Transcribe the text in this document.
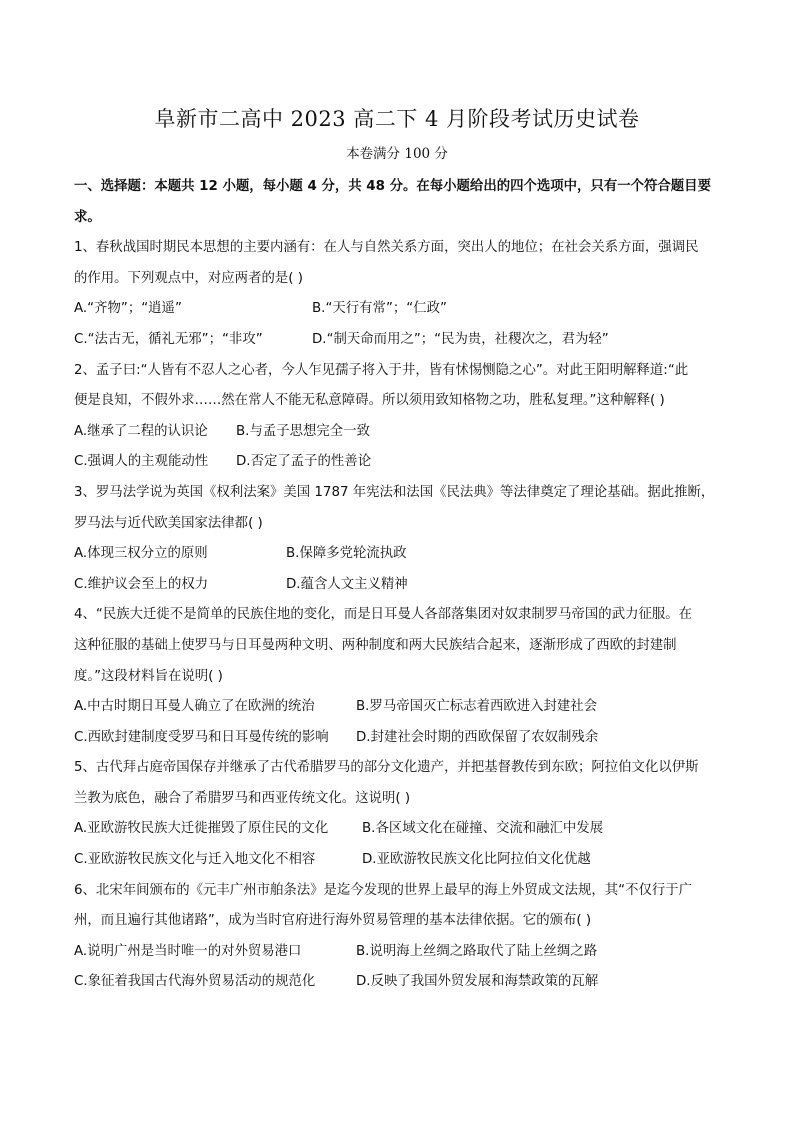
阜新市二高中 2023 高二下 4 月阶段考试历史试卷
本卷满分 100 分
一、选择题：本题共 12 小题，每小题 4 分，共 48 分。在每小题给出的四个选项中，只有一个符合题目要
求。
1、春秋战国时期民本思想的主要内涵有：在人与自然关系方面，突出人的地位；在社会关系方面，强调民
的作用。下列观点中，对应两者的是( )
A.“齐物”；“逍遥”	B.“天行有常”；“仁政”
C.“法古无，循礼无邪”；“非攻”	D.“制天命而用之”；“民为贵，社稷次之，君为轻”
2、孟子曰:“人皆有不忍人之心者，今人乍见孺子将入于井，皆有怵惕恻隐之心”。对此王阳明解释道:“此
便是良知，不假外求……然在常人不能无私意障碍。所以须用致知格物之功，胜私复理。”这种解释( )
A.继承了二程的认识论	B.与孟子思想完全一致
C.强调人的主观能动性	D.否定了孟子的性善论
3、罗马法学说为英国《权利法案》美国 1787 年宪法和法国《民法典》等法律奠定了理论基础。据此推断，
罗马法与近代欧美国家法律都( )
A.体现三权分立的原则	B.保障多党轮流执政
C.维护议会至上的权力	D.蕴含人文主义精神
4、“民族大迁徙不是简单的民族住地的变化，而是日耳曼人各部落集团对奴隶制罗马帝国的武力征服。在
这种征服的基础上使罗马与日耳曼两种文明、两种制度和两大民族结合起来，逐渐形成了西欧的封建制
度。”这段材料旨在说明( )
A.中古时期日耳曼人确立了在欧洲的统治	B.罗马帝国灭亡标志着西欧进入封建社会
C.西欧封建制度受罗马和日耳曼传统的影响	D.封建社会时期的西欧保留了农奴制残余
5、古代拜占庭帝国保存并继承了古代希腊罗马的部分文化遗产，并把基督教传到东欧；阿拉伯文化以伊斯
兰教为底色，融合了希腊罗马和西亚传统文化。这说明( )
A.亚欧游牧民族大迁徙摧毁了原住民的文化	B.各区域文化在碰撞、交流和融汇中发展
C.亚欧游牧民族文化与迁入地文化不相容	D.亚欧游牧民族文化比阿拉伯文化优越
6、北宋年间颁布的《元丰广州市舶条法》是迄今发现的世界上最早的海上外贸成文法规，其“不仅行于广
州，而且遍行其他诸路”，成为当时官府进行海外贸易管理的基本法律依据。它的颁布( )
A.说明广州是当时唯一的对外贸易港口	B.说明海上丝绸之路取代了陆上丝绸之路
C.象征着我国古代海外贸易活动的规范化	D.反映了我国外贸发展和海禁政策的瓦解
